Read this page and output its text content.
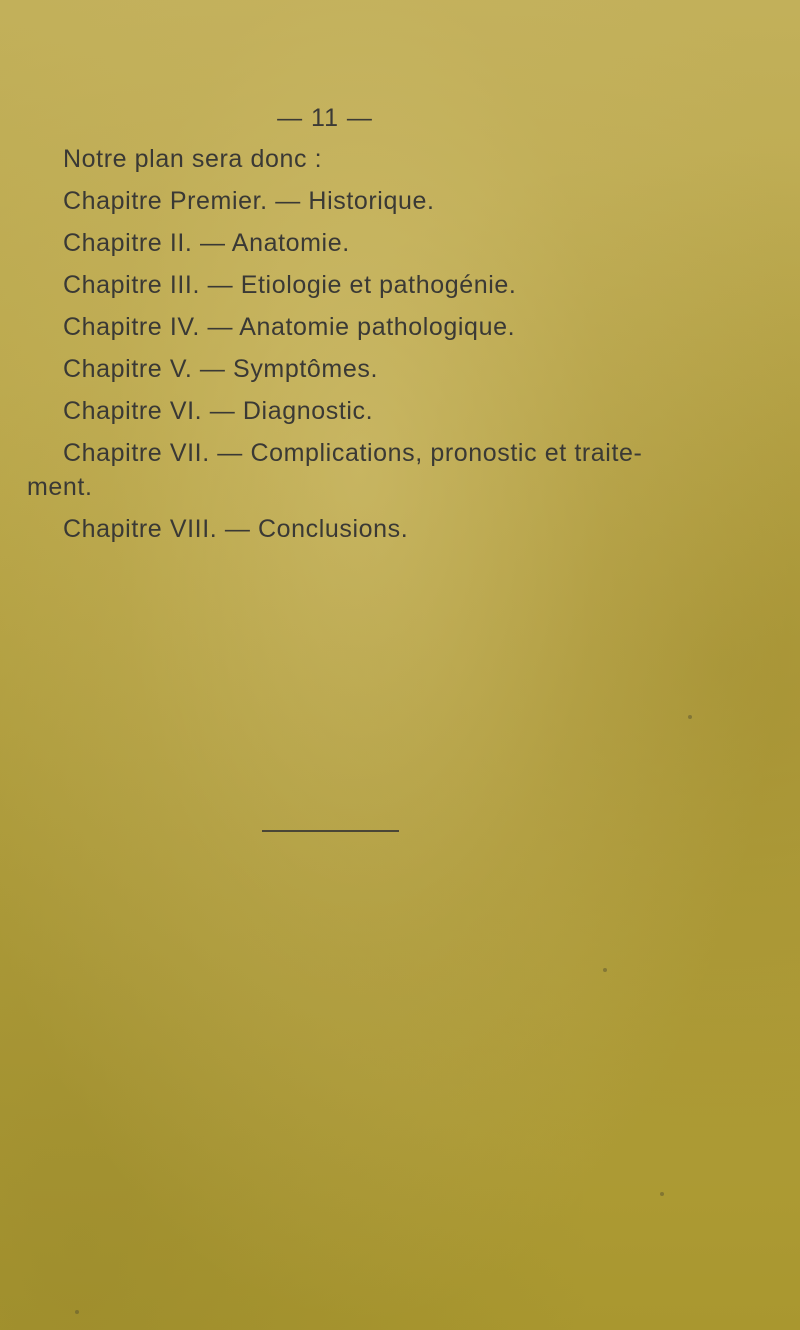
— 11 —
Notre plan sera donc :
Chapitre Premier. — Historique.
Chapitre II. — Anatomie.
Chapitre III. — Etiologie et pathogénie.
Chapitre IV. — Anatomie pathologique.
Chapitre V. — Symptômes.
Chapitre VI. — Diagnostic.
Chapitre VII. — Complications, pronostic et traite-
ment.
Chapitre VIII. — Conclusions.
